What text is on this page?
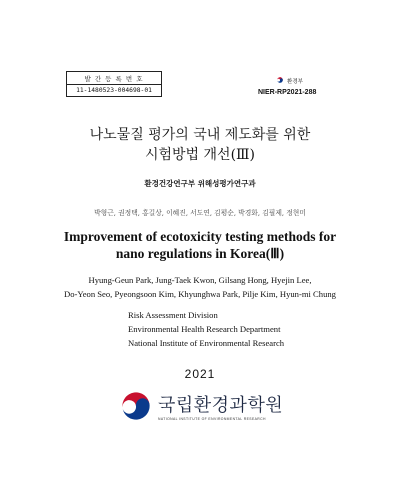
발 간 등 록 번 호
11-1480523-004698-01
환경부
NIER-RP2021-288
나노물질 평가의 국내 제도화를 위한
시험방법 개선(Ⅲ)
환경건강연구부 위해성평가연구과
박형근, 권정택, 홍길상, 이혜진, 서도연, 김평순, 박경화, 김필제, 정현미
Improvement of ecotoxicity testing methods for
nano regulations in Korea(Ⅲ)
Hyung-Geun Park, Jung-Taek Kwon, Gilsang Hong, Hyejin Lee,
Do-Yeon Seo, Pyeongsoon Kim, Khyunghwa Park, Pilje Kim, Hyun-mi Chung
Risk Assessment Division
Environmental Health Research Department
National Institute of Environmental Research
2021
국립환경과학원
NATIONAL INSTITUTE OF ENVIRONMENTAL RESEARCH
